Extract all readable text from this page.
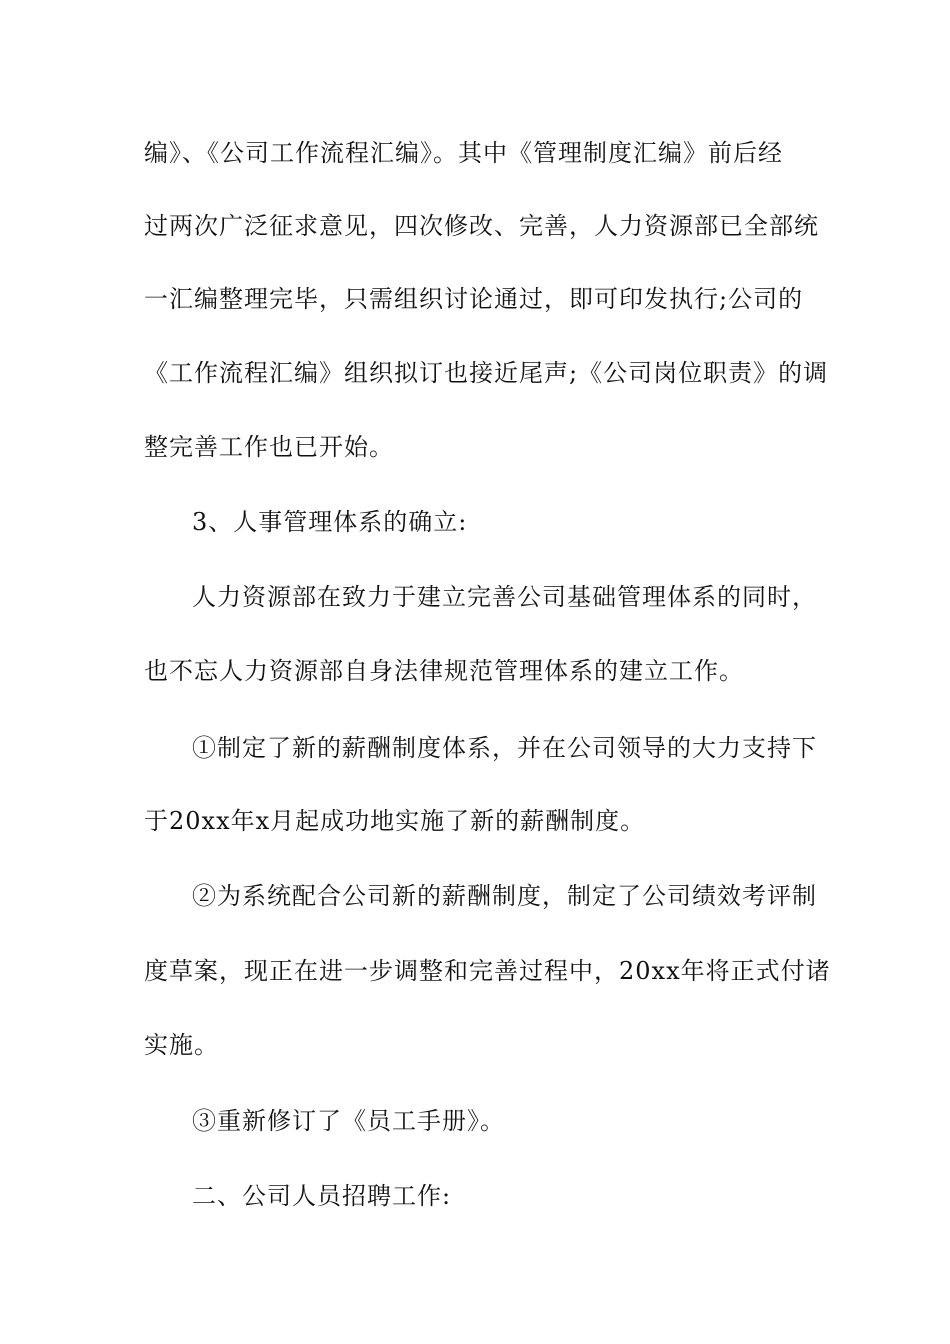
编》、《公司工作流程汇编》。其中《管理制度汇编》前后经
过两次广泛征求意见，四次修改、完善，人力资源部已全部统
一汇编整理完毕，只需组织讨论通过，即可印发执行;公司的
《工作流程汇编》组织拟订也接近尾声;《公司岗位职责》的调
整完善工作也已开始。
3、人事管理体系的确立:
人力资源部在致力于建立完善公司基础管理体系的同时，
也不忘人力资源部自身法律规范管理体系的建立工作。
①制定了新的薪酬制度体系，并在公司领导的大力支持下
于20xx年x月起成功地实施了新的薪酬制度。
②为系统配合公司新的薪酬制度，制定了公司绩效考评制
度草案，现正在进一步调整和完善过程中，20xx年将正式付诸
实施。
③重新修订了《员工手册》。
二、公司人员招聘工作:
